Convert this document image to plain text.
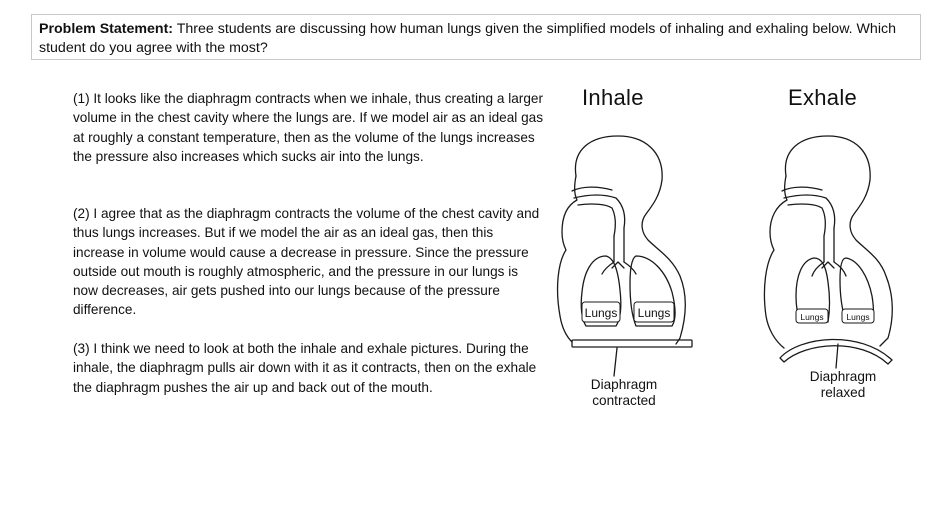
Problem Statement: Three students are discussing how human lungs given the simplified models of inhaling and exhaling below. Which student do you agree with the most?
(1) It looks like the diaphragm contracts when we inhale, thus creating a larger volume in the chest cavity where the lungs are. If we model air as an ideal gas at roughly a constant temperature, then as the volume of the lungs increases the pressure also increases which sucks air into the lungs.
(2) I agree that as the diaphragm contracts the volume of the chest cavity and thus lungs increases. But if we model the air as an ideal gas, then this increase in volume would cause a decrease in pressure. Since the pressure outside out mouth is roughly atmospheric, and the pressure in our lungs is now decreases, air gets pushed into our lungs because of the pressure difference.
(3) I think we need to look at both the inhale and exhale pictures. During the inhale, the diaphragm pulls air down with it as it contracts, then on the exhale the diaphragm pushes the air up and back out of the mouth.
Inhale	Exhale
Lungs Lungs	Lungs	Lungs
Diaphragm
contracted
Diaphragm
relaxed
